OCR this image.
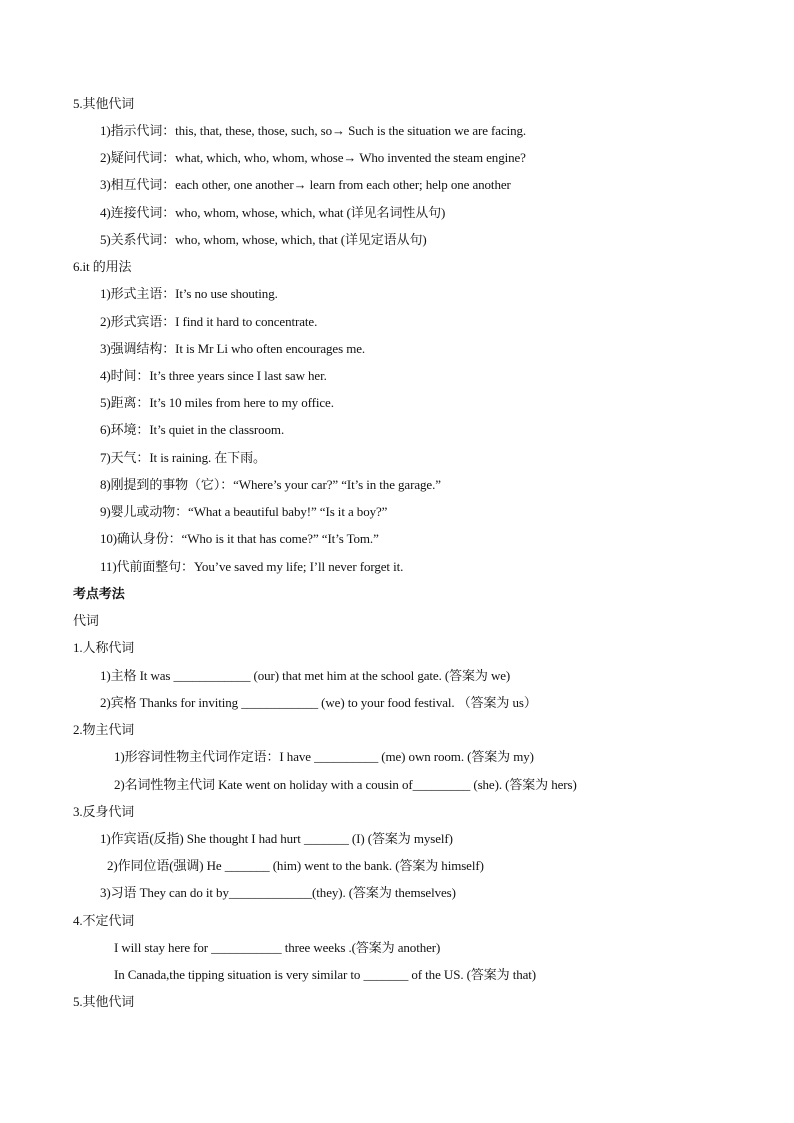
5.其他代词
1)指示代词：this, that, these, those, such, so→ Such is the situation we are facing.
2)疑问代词：what, which, who, whom, whose→ Who invented the steam engine?
3)相互代词：each other, one another→ learn from each other; help one another
4)连接代词：who, whom, whose, which, what (详见名词性从句)
5)关系代词：who, whom, whose, which, that (详见定语从句)
6.it 的用法
1)形式主语：It’s no use shouting.
2)形式宾语：I find it hard to concentrate.
3)强调结构：It is Mr Li who often encourages me.
4)时间：It’s three years since I last saw her.
5)距离：It’s 10 miles from here to my office.
6)环境：It’s quiet in the classroom.
7)天气：It is raining. 在下雨。
8)刚提到的事物（它）：“Where’s your car?” “It’s in the garage.”
9)婴儿或动物：“What a beautiful baby!” “Is it a boy?”
10)确认身份：“Who is it that has come?” “It’s Tom.”
11)代前面整句：You’ve saved my life; I’ll never forget it.
考点考法
代词
1.人称代词
1)主格 It was ____________ (our) that met him at the school gate. (答案为 we)
2)宾格 Thanks for inviting ____________ (we) to your food festival. （答案为 us）
2.物主代词
1)形容词性物主代词作定语：I have __________ (me) own room. (答案为 my)
2)名词性物主代词 Kate went on holiday with a cousin of_________ (she). (答案为 hers)
3.反身代词
1)作宾语(反指) She thought I had hurt _______ (I) (答案为 myself)
2)作同位语(强调) He _______ (him) went to the bank. (答案为 himself)
3)习语 They can do it by_____________(they). (答案为 themselves)
4.不定代词
I will stay here for ___________ three weeks .(答案为 another)
In Canada,the tipping situation is very similar to _______ of the US. (答案为 that)
5.其他代词
